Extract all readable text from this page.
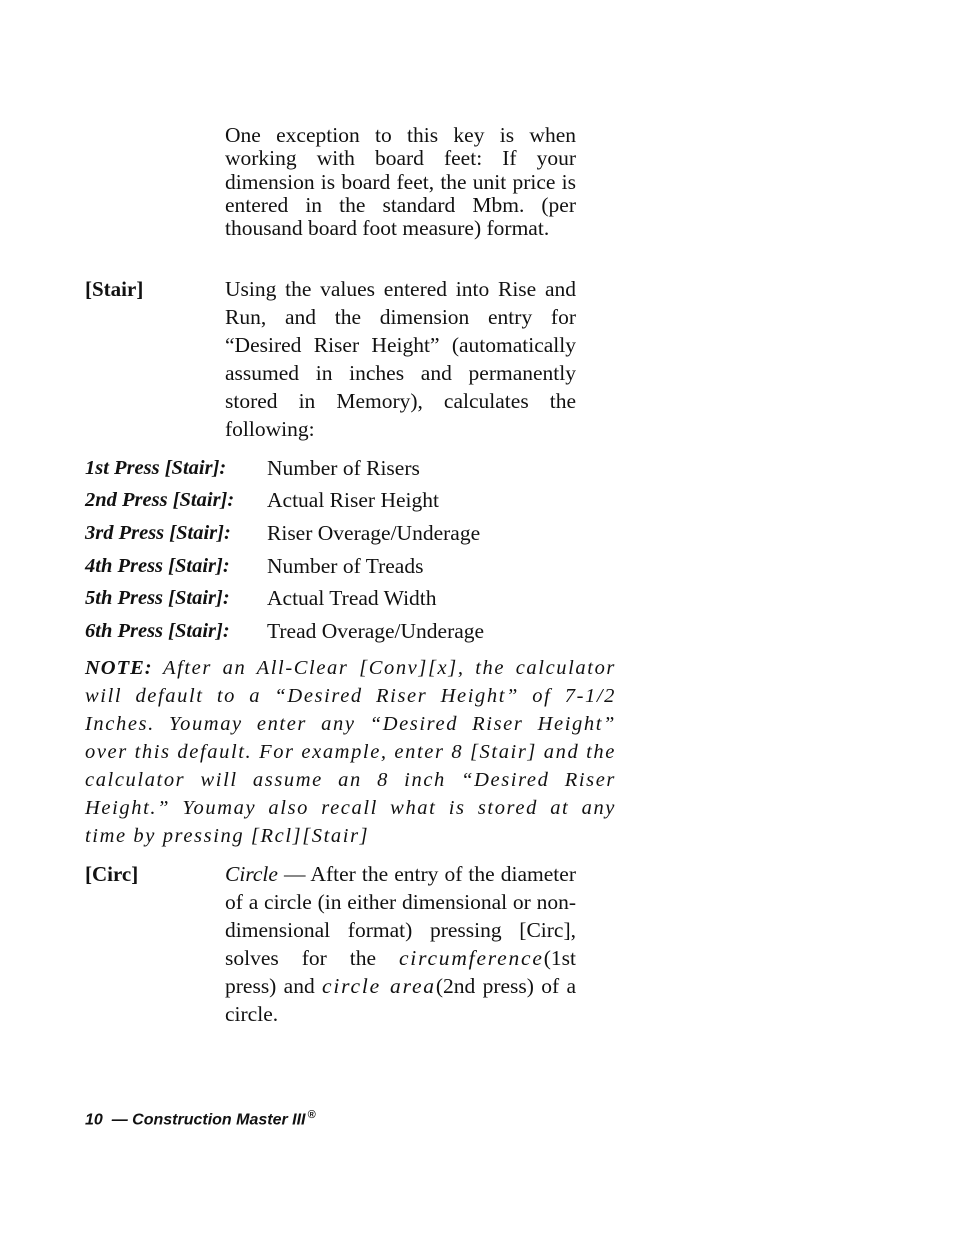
One exception to this key is when working with board feet: If your dimension is board feet, the unit price is entered in the standard Mbm. (per thousand board foot measure) format.
[Stair]	Using the values entered into Rise and Run, and the dimension entry for “Desired Riser Height” (automatically assumed in inches and permanently stored in Memory), calculates the following:
1st Press [Stair]:	Number of Risers
2nd Press [Stair]:	Actual Riser Height
3rd Press [Stair]:	Riser Overage/Underage
4th Press [Stair]:	Number of Treads
5th Press [Stair]:	Actual Tread Width
6th Press [Stair]:	Tread Overage/Underage
NOTE: After an All-Clear [Conv][x], the calculator will default to a “Desired Riser Height” of 7-1/2 Inches. Youmay enter any “Desired Riser Height” over this default. For example, enter 8 [Stair] and the calculator will assume an 8 inch “Desired Riser Height.” Youmay also recall what is stored at any time by pressing [Rcl][Stair]
[Circ]	Circle — After the entry of the diameter of a circle (in either dimensional or non-dimensional format) pressing [Circ], solves for the circumference(1st press) and circle area(2nd press) of a circle.
10 — Construction Master III ®
